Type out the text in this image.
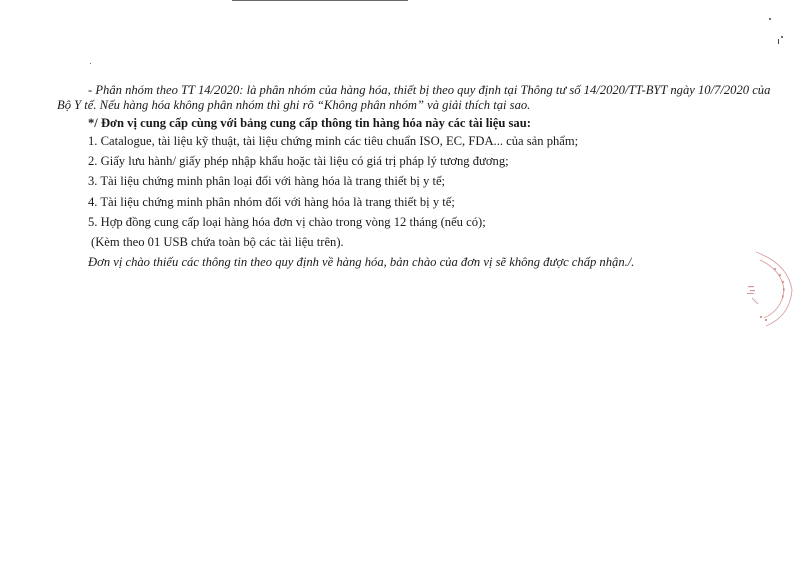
- Phân nhóm theo TT 14/2020: là phân nhóm của hàng hóa, thiết bị theo quy định tại Thông tư số 14/2020/TT-BYT ngày 10/7/2020 của
Bộ Y tế. Nếu hàng hóa không phân nhóm thì ghi rõ “Không phân nhóm” và giải thích tại sao.
*/ Đơn vị cung cấp cùng với bảng cung cấp thông tin hàng hóa này các tài liệu sau:
1. Catalogue, tài liệu kỹ thuật, tài liệu chứng minh các tiêu chuẩn ISO, EC, FDA... của sản phẩm;
2. Giấy lưu hành/ giấy phép nhập khẩu hoặc tài liệu có giá trị pháp lý tương đương;
3. Tài liệu chứng minh phân loại đối với hàng hóa là trang thiết bị y tế;
4. Tài liệu chứng minh phân nhóm đối với hàng hóa là trang thiết bị y tế;
5. Hợp đồng cung cấp loại hàng hóa đơn vị chào trong vòng 12 tháng (nếu có);
(Kèm theo 01 USB chứa toàn bộ các tài liệu trên).
Đơn vị chào thiếu các thông tin theo quy định về hàng hóa, bản chào của đơn vị sẽ không được chấp nhận./.
